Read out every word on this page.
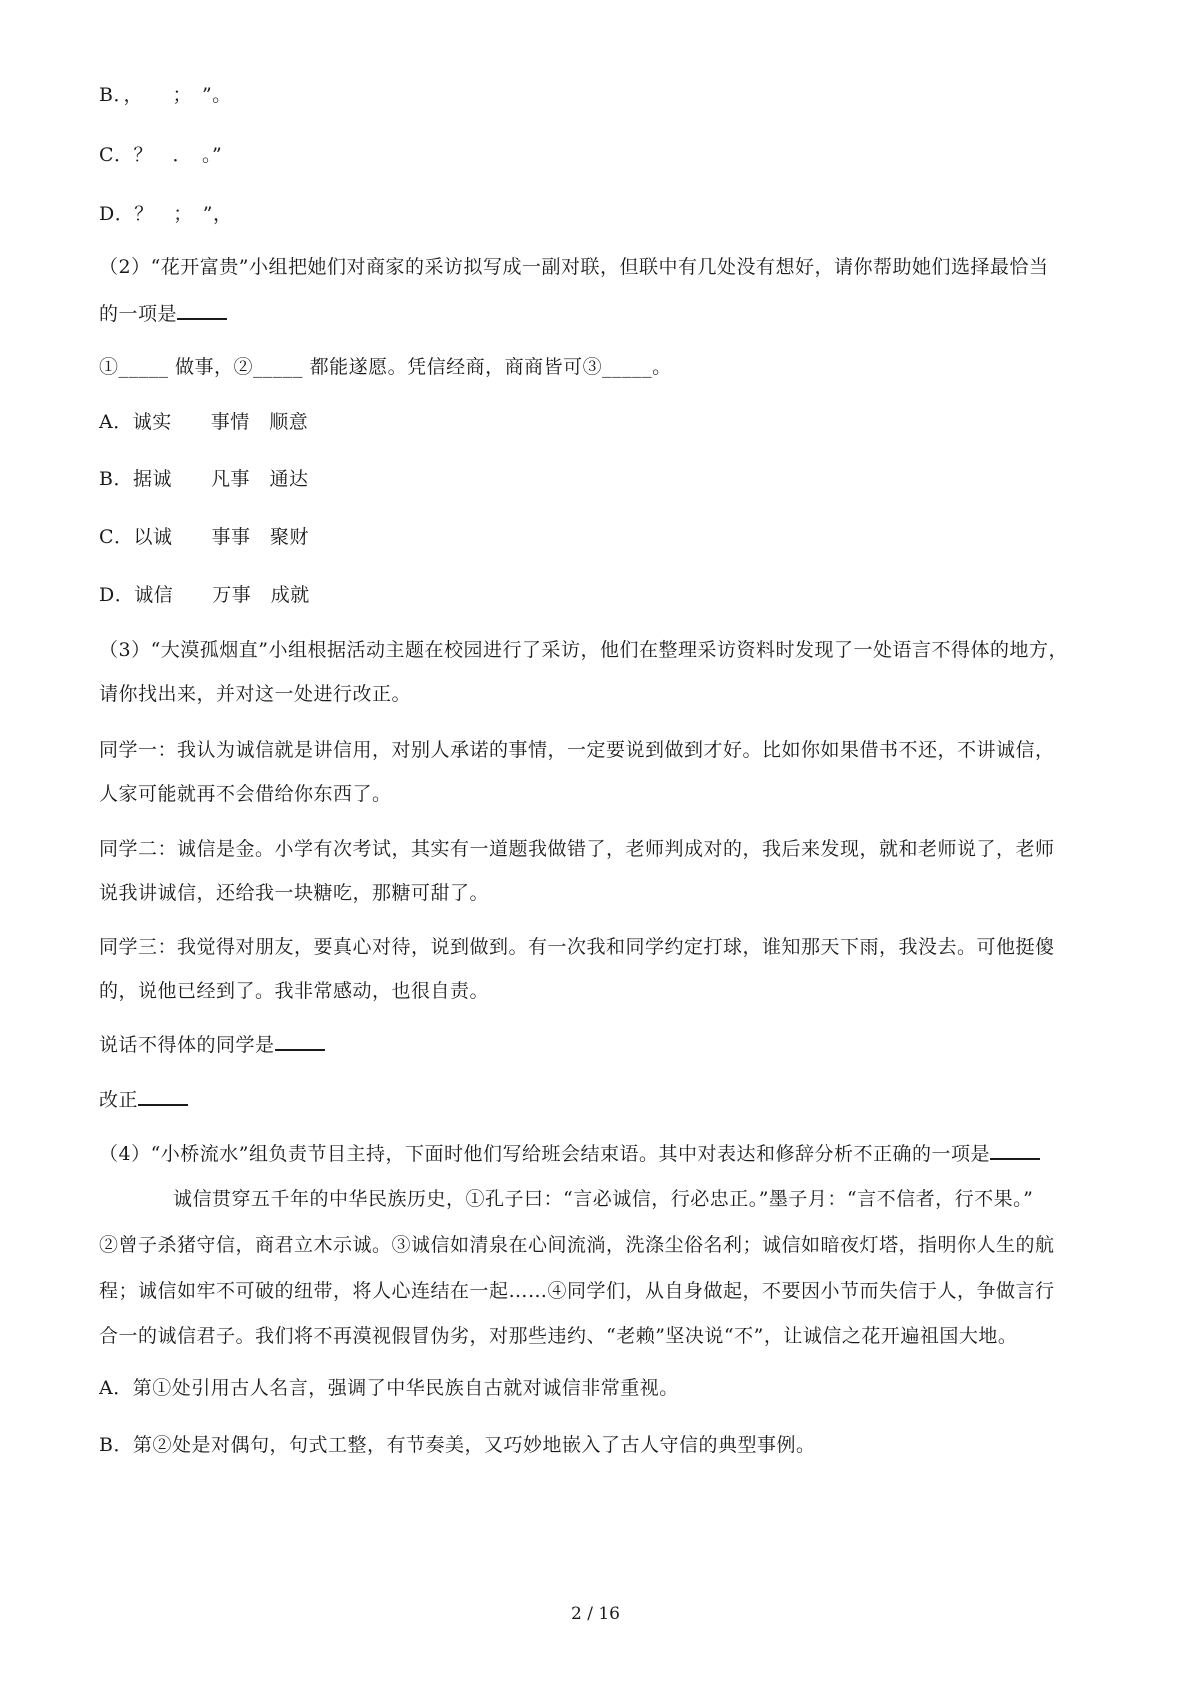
B．，　　；　”。
C．？　．　。”
D．？　；　”，
（2）“花开富贵”小组把她们对商家的采访拟写成一副对联，但联中有几处没有想好，请你帮助她们选择最恰当
的一项是
①_____ 做事，②_____ 都能遂愿。凭信经商，商商皆可③_____。
A．诚实　　事情　顺意
B．据诚　　凡事　通达
C．以诚　　事事　聚财
D．诚信　　万事　成就
（3）“大漠孤烟直”小组根据活动主题在校园进行了采访，他们在整理采访资料时发现了一处语言不得体的地方，
请你找出来，并对这一处进行改正。
同学一：我认为诚信就是讲信用，对别人承诺的事情，一定要说到做到才好。比如你如果借书不还，不讲诚信，
人家可能就再不会借给你东西了。
同学二：诚信是金。小学有次考试，其实有一道题我做错了，老师判成对的，我后来发现，就和老师说了，老师
说我讲诚信，还给我一块糖吃，那糖可甜了。
同学三：我觉得对朋友，要真心对待，说到做到。有一次我和同学约定打球，谁知那天下雨，我没去。可他挺傻
的，说他已经到了。我非常感动，也很自责。
说话不得体的同学是
改正
（4）“小桥流水”组负责节目主持，下面时他们写给班会结束语。其中对表达和修辞分析不正确的一项是
诚信贯穿五千年的中华民族历史，①孔子曰：“言必诚信，行必忠正。”墨子月：“言不信者，行不果。”
②曾子杀猪守信，商君立木示诚。③诚信如清泉在心间流淌，洗涤尘俗名利；诚信如暗夜灯塔，指明你人生的航
程；诚信如牢不可破的纽带，将人心连结在一起……④同学们，从自身做起，不要因小节而失信于人，争做言行
合一的诚信君子。我们将不再漠视假冒伪劣，对那些违约、“老赖”坚决说“不”，让诚信之花开遍祖国大地。
A．第①处引用古人名言，强调了中华民族自古就对诚信非常重视。
B．第②处是对偶句，句式工整，有节奏美，又巧妙地嵌入了古人守信的典型事例。
2 / 16
